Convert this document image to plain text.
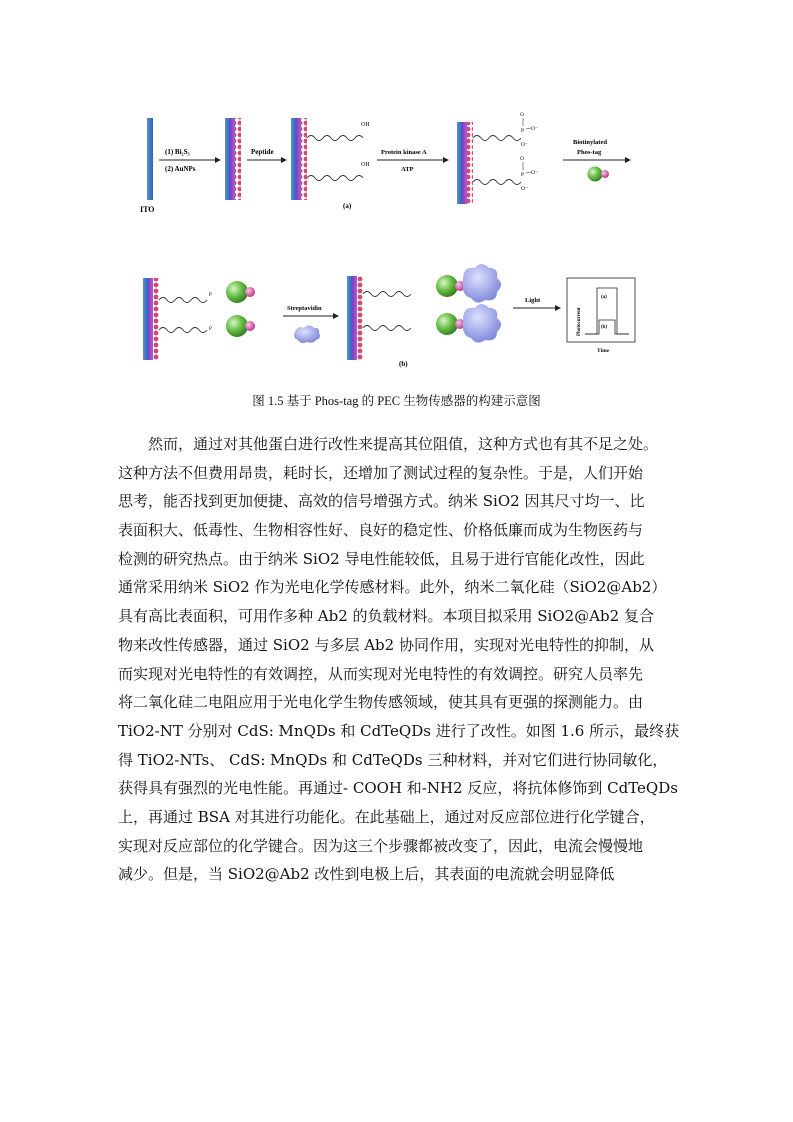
ITO
(1) Bi₂S₃
(2) AuNPs
Peptide
OH
OH
(a)
Protein kinase A
ATP
P
O
O⁻
O⁻
P
O
O⁻
O⁻
Biotinylated
Phos-tag
P
P
Streptavidin
(b)
Light
Photocurrent
Time
(a)
(b)
图 1.5 基于 Phos-tag 的 PEC 生物传感器的构建示意图
　　然而，通过对其他蛋白进行改性来提高其位阻值，这种方式也有其不足之处。
这种方法不但费用昂贵，耗时长，还增加了测试过程的复杂性。于是，人们开始
思考，能否找到更加便捷、高效的信号增强方式。纳米 SiO2 因其尺寸均一、比
表面积大、低毒性、生物相容性好、良好的稳定性、价格低廉而成为生物医药与
检测的研究热点。由于纳米 SiO2 导电性能较低，且易于进行官能化改性，因此
通常采用纳米 SiO2 作为光电化学传感材料。此外，纳米二氧化硅（SiO2@Ab2）
具有高比表面积，可用作多种 Ab2 的负载材料。本项目拟采用 SiO2@Ab2 复合
物来改性传感器，通过 SiO2 与多层 Ab2 协同作用，实现对光电特性的抑制，从
而实现对光电特性的有效调控，从而实现对光电特性的有效调控。研究人员率先
将二氧化硅二电阻应用于光电化学生物传感领域，使其具有更强的探测能力。由
TiO2-NT 分别对 CdS: MnQDs 和 CdTeQDs 进行了改性。如图 1.6 所示，最终获
得 TiO2-NTs、 CdS: MnQDs 和 CdTeQDs 三种材料，并对它们进行协同敏化，
获得具有强烈的光电性能。再通过- COOH 和-NH2 反应，将抗体修饰到 CdTeQDs
上，再通过 BSA 对其进行功能化。在此基础上，通过对反应部位进行化学键合，
实现对反应部位的化学键合。因为这三个步骤都被改变了，因此，电流会慢慢地
减少。但是，当 SiO2@Ab2 改性到电极上后，其表面的电流就会明显降低
